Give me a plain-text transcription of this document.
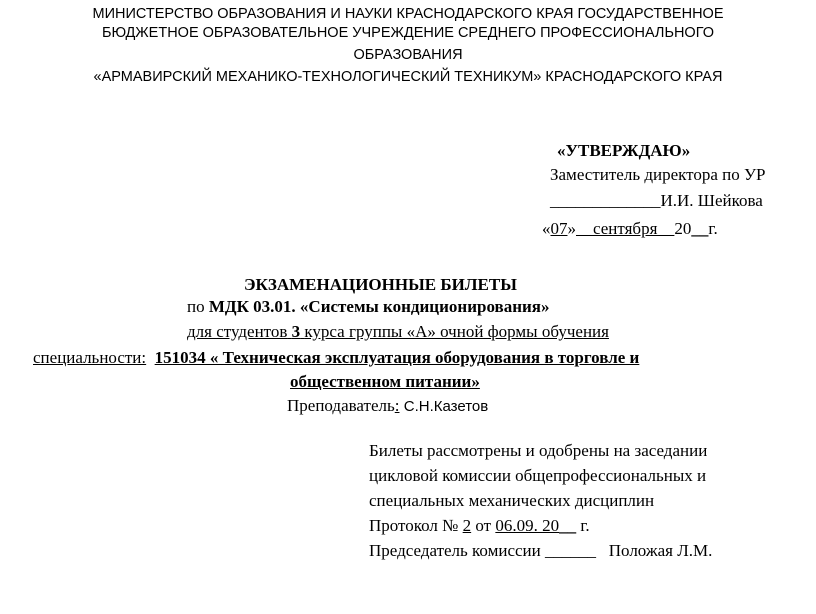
МИНИСТЕРСТВО ОБРАЗОВАНИЯ И НАУКИ КРАСНОДАРСКОГО КРАЯ ГОСУДАРСТВЕННОЕ
БЮДЖЕТНОЕ ОБРАЗОВАТЕЛЬНОЕ УЧРЕЖДЕНИЕ СРЕДНЕГО ПРОФЕССИОНАЛЬНОГО
ОБРАЗОВАНИЯ
«АРМАВИРСКИЙ МЕХАНИКО-ТЕХНОЛОГИЧЕСКИЙ ТЕХНИКУМ» КРАСНОДАРСКОГО КРАЯ
«УТВЕРЖДАЮ»
Заместитель директора по УР
_____________И.И. Шейкова
«07»    сентября    20__г.
ЭКЗАМЕНАЦИОННЫЕ БИЛЕТЫ
по МДК 03.01. «Системы кондиционирования»
для студентов 3 курса группы «А» очной формы обучения
специальности: 151034 « Техническая эксплуатация оборудования в торговле и
общественном питании»
Преподаватель: С.Н.Казетов
Билеты рассмотрены и одобрены на заседании
цикловой комиссии общепрофессиональных и
специальных механических дисциплин
Протокол № 2 от 06.09. 20__ г.
Председатель комиссии ______   Положая Л.М.
